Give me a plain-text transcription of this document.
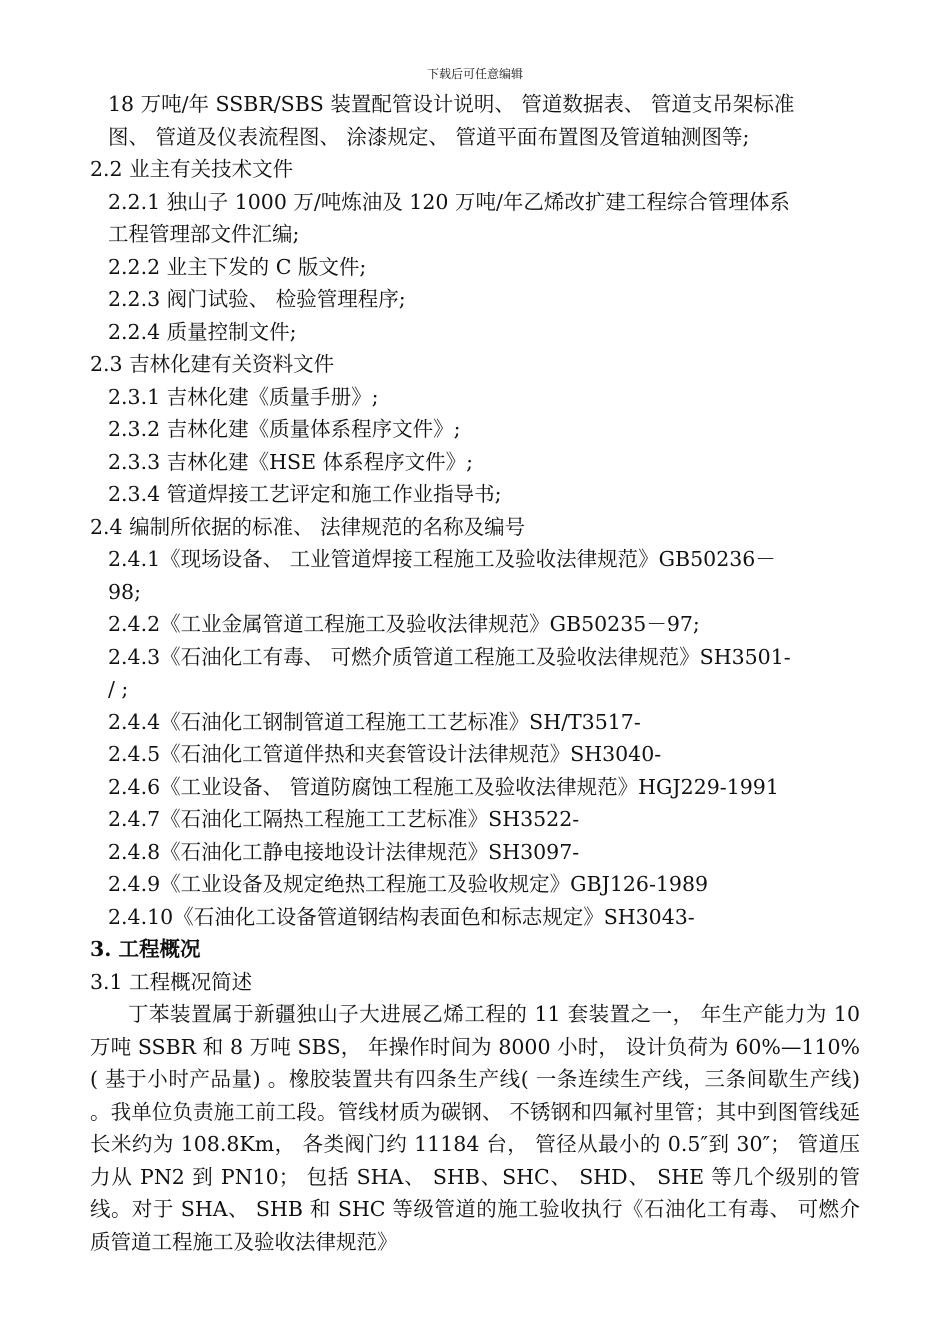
下载后可任意编辑
18 万吨/年 SSBR/SBS 装置配管设计说明、 管道数据表、 管道支吊架标准
图、 管道及仪表流程图、 涂漆规定、 管道平面布置图及管道轴测图等;
2.2 业主有关技术文件
2.2.1 独山子 1000 万/吨炼油及 120 万吨/年乙烯改扩建工程综合管理体系
工程管理部文件汇编;
2.2.2 业主下发的 C 版文件;
2.2.3 阀门试验、 检验管理程序;
2.2.4 质量控制文件;
2.3 吉林化建有关资料文件
2.3.1 吉林化建《质量手册》;
2.3.2 吉林化建《质量体系程序文件》;
2.3.3 吉林化建《HSE 体系程序文件》;
2.3.4 管道焊接工艺评定和施工作业指导书;
2.4 编制所依据的标准、 法律规范的名称及编号
2.4.1《现场设备、 工业管道焊接工程施工及验收法律规范》GB50236－
98;
2.4.2《工业金属管道工程施工及验收法律规范》GB50235－97;
2.4.3《石油化工有毒、 可燃介质管道工程施工及验收法律规范》SH3501-
/ ;
2.4.4《石油化工钢制管道工程施工工艺标准》SH/T3517-
2.4.5《石油化工管道伴热和夹套管设计法律规范》SH3040-
2.4.6《工业设备、 管道防腐蚀工程施工及验收法律规范》HGJ229-1991
2.4.7《石油化工隔热工程施工工艺标准》SH3522-
2.4.8《石油化工静电接地设计法律规范》SH3097-
2.4.9《工业设备及规定绝热工程施工及验收规定》GBJ126-1989
2.4.10《石油化工设备管道钢结构表面色和标志规定》SH3043-
3. 工程概况
3.1 工程概况简述

丁苯装置属于新疆独山子大进展乙烯工程的 11 套装置之一， 年生产能力为 10 万吨 SSBR 和 8 万吨 SBS， 年操作时间为 8000 小时， 设计负荷为 60%—110%( 基于小时产品量) 。橡胶装置共有四条生产线( 一条连续生产线，三条间歇生产线) 。我单位负责施工前工段。管线材质为碳钢、 不锈钢和四氟衬里管；其中到图管线延长米约为 108.8Km， 各类阀门约 11184 台， 管径从最小的 0.5″到 30″； 管道压力从 PN2 到 PN10； 包括 SHA、 SHB、SHC、 SHD、 SHE 等几个级别的管线。对于 SHA、 SHB 和 SHC 等级管道的施工验收执行《石油化工有毒、 可燃介质管道工程施工及验收法律规范》
